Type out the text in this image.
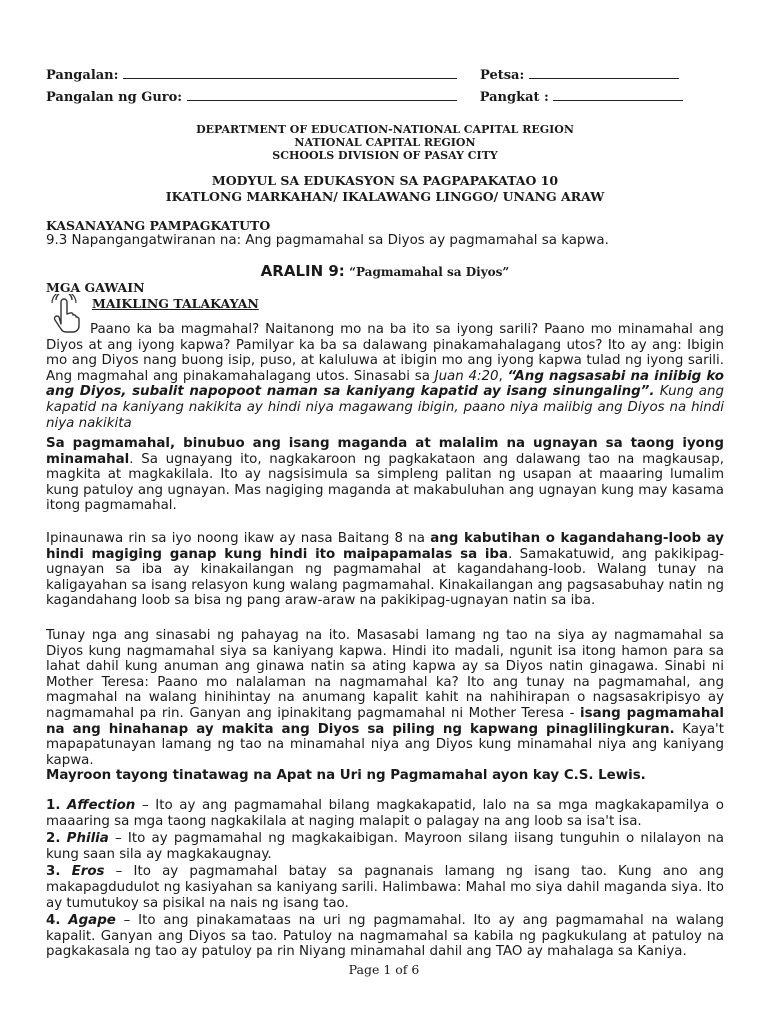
Pangalan:	Petsa:
Pangalan ng Guro:	Pangkat :
DEPARTMENT OF EDUCATION-NATIONAL CAPITAL REGION
NATIONAL CAPITAL REGION
SCHOOLS DIVISION OF PASAY CITY
MODYUL SA EDUKASYON SA PAGPAPAKATAO 10
IKATLONG MARKAHAN/ IKALAWANG LINGGO/ UNANG ARAW
KASANAYANG PAMPAGKATUTO
9.3 Napangangatwiranan na: Ang pagmamahal sa Diyos ay pagmamahal sa kapwa.
ARALIN 9: “Pagmamahal sa Diyos”
MGA GAWAIN
MAIKLING TALAKAYAN

Paano ka ba magmahal? Naitanong mo na ba ito sa iyong sarili? Paano mo minamahal ang Diyos at ang iyong kapwa? Pamilyar ka ba sa dalawang pinakamahalagang utos? Ito ay ang: Ibigin mo ang Diyos nang buong isip, puso, at kaluluwa at ibigin mo ang iyong kapwa tulad ng iyong sarili. Ang magmahal ang pinakamahalagang utos. Sinasabi sa Juan 4:20, “Ang nagsasabi na iniibig ko ang Diyos, subalit napopoot naman sa kaniyang kapatid ay isang sinungaling”. Kung ang kapatid na kaniyang nakikita ay hindi niya magawang ibigin, paano niya maiibig ang Diyos na hindi niya nakikita

Sa pagmamahal, binubuo ang isang maganda at malalim na ugnayan sa taong iyong minamahal. Sa ugnayang ito, nagkakaroon ng pagkakataon ang dalawang tao na magkausap, magkita at magkakilala. Ito ay nagsisimula sa simpleng palitan ng usapan at maaaring lumalim kung patuloy ang ugnayan. Mas nagiging maganda at makabuluhan ang ugnayan kung may kasama itong pagmamahal.

Ipinaunawa rin sa iyo noong ikaw ay nasa Baitang 8 na ang kabutihan o kagandahang-loob ay hindi magiging ganap kung hindi ito maipapamalas sa iba. Samakatuwid, ang pakikipag-ugnayan sa iba ay kinakailangan ng pagmamahal at kagandahang-loob. Walang tunay na kaligayahan sa isang relasyon kung walang pagmamahal. Kinakailangan ang pagsasabuhay natin ng kagandahang loob sa bisa ng pang araw-araw na pakikipag-ugnayan natin sa iba.

Tunay nga ang sinasabi ng pahayag na ito. Masasabi lamang ng tao na siya ay nagmamahal sa Diyos kung nagmamahal siya sa kaniyang kapwa. Hindi ito madali, ngunit isa itong hamon para sa lahat dahil kung anuman ang ginawa natin sa ating kapwa ay sa Diyos natin ginagawa. Sinabi ni Mother Teresa: Paano mo nalalaman na nagmamahal ka? Ito ang tunay na pagmamahal, ang magmahal na walang hinihintay na anumang kapalit kahit na nahihirapan o nagsasakripisyo ay nagmamahal pa rin. Ganyan ang ipinakitang pagmamahal ni Mother Teresa - isang pagmamahal na ang hinahanap ay makita ang Diyos sa piling ng kapwang pinaglilingkuran. Kaya't mapapatunayan lamang ng tao na minamahal niya ang Diyos kung minamahal niya ang kaniyang kapwa.

Mayroon tayong tinatawag na Apat na Uri ng Pagmamahal ayon kay C.S. Lewis.

1. Affection – Ito ay ang pagmamahal bilang magkakapatid, lalo na sa mga magkakapamilya o maaaring sa mga taong nagkakilala at naging malapit o palagay na ang loob sa isa't isa.

2. Philia – Ito ay pagmamahal ng magkakaibigan. Mayroon silang iisang tunguhin o nilalayon na kung saan sila ay magkakaugnay.

3. Eros – Ito ay pagmamahal batay sa pagnanais lamang ng isang tao. Kung ano ang makapagdudulot ng kasiyahan sa kaniyang sarili. Halimbawa: Mahal mo siya dahil maganda siya. Ito ay tumutukoy sa pisikal na nais ng isang tao.

4. Agape – Ito ang pinakamataas na uri ng pagmamahal. Ito ay ang pagmamahal na walang kapalit. Ganyan ang Diyos sa tao. Patuloy na nagmamahal sa kabila ng pagkukulang at patuloy na pagkakasala ng tao ay patuloy pa rin Niyang minamahal dahil ang TAO ay mahalaga sa Kaniya.

Page 1 of 6
